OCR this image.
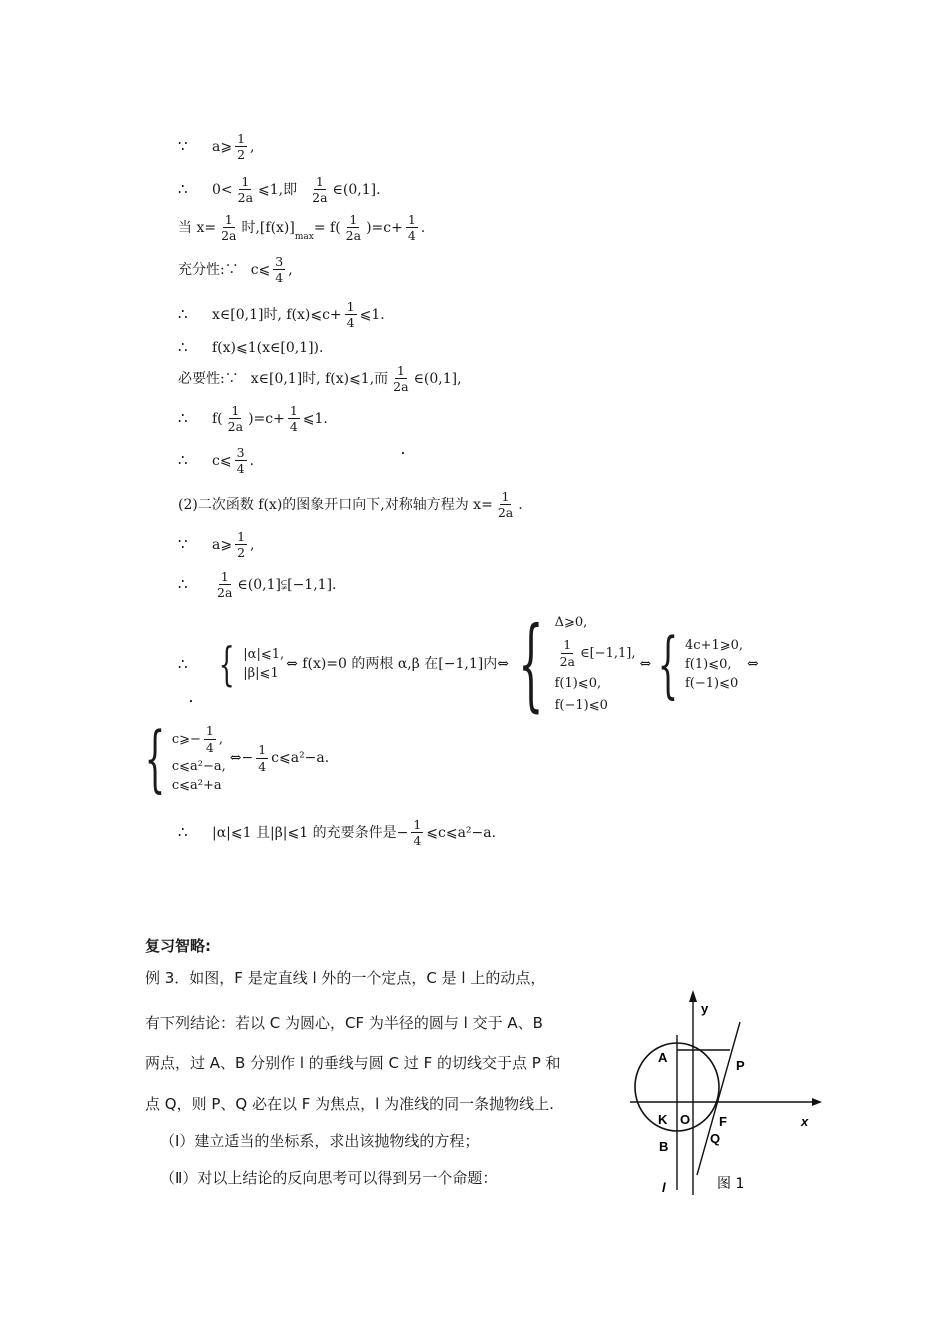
∵	a⩾ $\frac{1}{2}$ ,
∴	$0< \frac{1}{2a}$ ⩽1,即 $\frac{1}{2a}$ ∈(0,1].
当 $x= \frac{1}{2a}$ 时,[f(x)]
$_{max}$
= $f( \frac{1}{2a} )=c+ \frac{1}{4}$ .
充分性:∵ c⩽ $\frac{3}{4}$ ,
∴	x∈[0,1]时, f(x)⩽c+ $\frac{1}{4}$ ⩽1.
∴	f(x)⩽1(x∈[0,1]).
必要性:∵ x∈[0,1]时, f(x)⩽1,而 $\frac{1}{2a}$ ∈(0,1],
∴	$f( \frac{1}{2a} )=c+ \frac{1}{4}$ ⩽1.
∴	c⩽ $\frac{3}{4}$ .
(2)二次函数 f(x)的图象开口向下,对称轴方程为 $x= \frac{1}{2a}$ .
∵	a⩾ $\frac{1}{2}$ ,
∴	$\frac{1}{2a}$ ∈(0,1]⫋[−1,1].
∴ { |α|⩽1,
|β|⩽1
⇔ f(x)=0 的两根 α,β 在[−1,1]内⇔ { Δ⩾0,
$\frac{1}{2a}$ ∈[−1,1],
f(1)⩽0,
f(−1)⩽0
⇔ { 4c+1⩾0,
f(1)⩽0,
f(−1)⩽0
⇔
{ c⩾− $\frac{1}{4}$ ,
c⩽a²−a,
c⩽a²+a
⇔− $\frac{1}{4}$ c⩽a²−a.
∴	|α|⩽1 且|β|⩽1 的充要条件是− $\frac{1}{4}$ ⩽c⩽a²−a.
复习智略:
例 3．如图，F 是定直线 l 外的一个定点，C 是 l 上的动点，
有下列结论：若以 C 为圆心，CF 为半径的圆与 l 交于 A、B
两点，过 A、B 分别作 l 的垂线与圆 C 过 F 的切线交于点 P 和
点 Q，则 P、Q 必在以 F 为焦点，l 为准线的同一条抛物线上.
（Ⅰ）建立适当的坐标系，求出该抛物线的方程；
（Ⅱ）对以上结论的反向思考可以得到另一个命题：
y
x
A
P
K O F
B
Q
l	图 1
